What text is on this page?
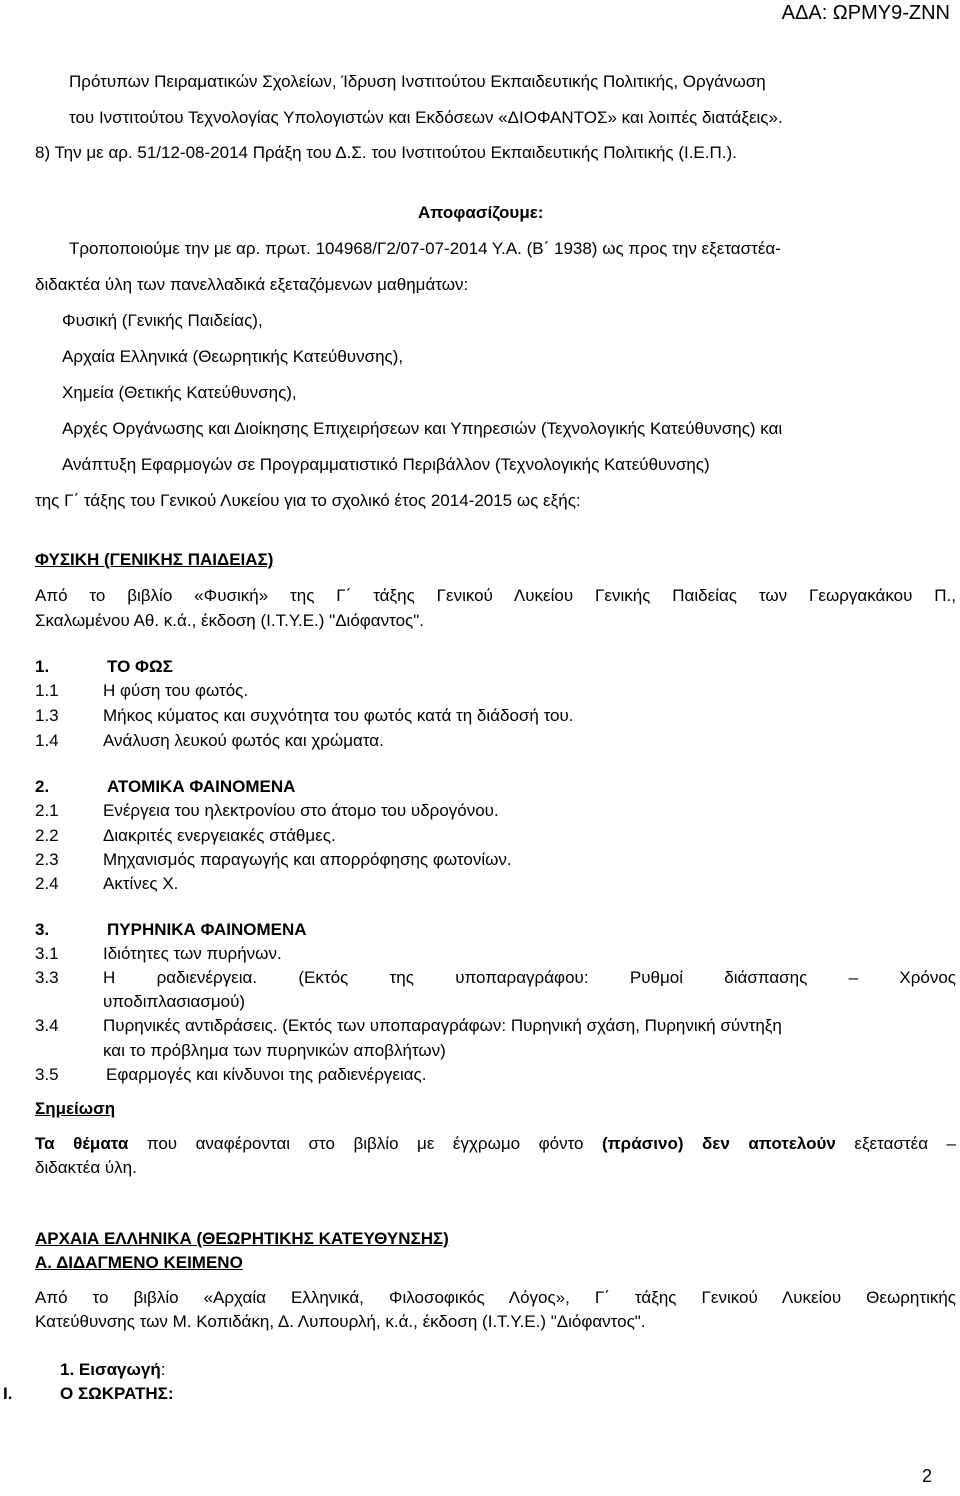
ΑΔΑ: ΩΡΜΥ9-ΖΝΝ
Πρότυπων Πειραματικών Σχολείων, Ίδρυση Ινστιτούτου Εκπαιδευτικής Πολιτικής, Οργάνωση
του Ινστιτούτου Τεχνολογίας Υπολογιστών και Εκδόσεων «ΔΙΟΦΑΝΤΟΣ» και λοιπές διατάξεις».
8) Την με αρ. 51/12-08-2014 Πράξη του Δ.Σ. του Ινστιτούτου Εκπαιδευτικής Πολιτικής (Ι.Ε.Π.).
Αποφασίζουμε:
Τροποποιούμε την με αρ. πρωτ. 104968/Γ2/07-07-2014 Υ.Α. (Β΄ 1938) ως προς την εξεταστέα-
διδακτέα ύλη των πανελλαδικά εξεταζόμενων μαθημάτων:
Φυσική (Γενικής Παιδείας),
Αρχαία Ελληνικά (Θεωρητικής Κατεύθυνσης),
Χημεία (Θετικής Κατεύθυνσης),
Αρχές Οργάνωσης και Διοίκησης Επιχειρήσεων και Υπηρεσιών (Τεχνολογικής Κατεύθυνσης) και
Ανάπτυξη Εφαρμογών σε Προγραμματιστικό Περιβάλλον (Τεχνολογικής Κατεύθυνσης)
της Γ΄ τάξης του Γενικού Λυκείου για το σχολικό έτος 2014-2015 ως εξής:
ΦΥΣΙΚΗ (ΓΕΝΙΚΗΣ ΠΑΙΔΕΙΑΣ)
Από το βιβλίο «Φυσική» της Γ΄ τάξης Γενικού Λυκείου Γενικής Παιδείας των Γεωργακάκου Π.,
Σκαλωμένου Αθ. κ.ά., έκδοση (Ι.Τ.Υ.Ε.) "Διόφαντος".
1.	ΤΟ ΦΩΣ
1.1	Η φύση του φωτός.
1.3	Μήκος κύματος και συχνότητα του φωτός κατά τη διάδοσή του.
1.4	Ανάλυση λευκού φωτός και χρώματα.
2.	ΑΤΟΜΙΚΑ ΦΑΙΝΟΜΕΝΑ
2.1	Ενέργεια του ηλεκτρονίου στο άτομο του υδρογόνου.
2.2	Διακριτές ενεργειακές στάθμες.
2.3	Μηχανισμός παραγωγής και απορρόφησης φωτονίων.
2.4	Ακτίνες Χ.
3.	ΠΥΡΗΝΙΚΑ ΦΑΙΝΟΜΕΝΑ
3.1	Ιδιότητες των πυρήνων.
3.3	Η ραδιενέργεια. (Εκτός της υποπαραγράφου: Ρυθμοί διάσπασης – Χρόνος
υποδιπλασιασμού)
3.4	Πυρηνικές αντιδράσεις. (Εκτός των υποπαραγράφων: Πυρηνική σχάση, Πυρηνική σύντηξη
και το πρόβλημα των πυρηνικών αποβλήτων)
3.5	Εφαρμογές και κίνδυνοι της ραδιενέργειας.
Σημείωση
Τα θέματα που αναφέρονται στο βιβλίο με έγχρωμο φόντο (πράσινο) δεν αποτελούν εξεταστέα –
διδακτέα ύλη.
ΑΡΧΑΙΑ ΕΛΛΗΝΙΚΑ (ΘΕΩΡΗΤΙΚΗΣ ΚΑΤΕΥΘΥΝΣΗΣ)
Α. ΔΙΔΑΓΜΕΝΟ ΚΕΙΜΕΝΟ
Από το βιβλίο «Αρχαία Ελληνικά, Φιλοσοφικός Λόγος», Γ΄ τάξης Γενικού Λυκείου Θεωρητικής
Κατεύθυνσης των Μ. Κοπιδάκη, Δ. Λυπουρλή, κ.ά., έκδοση (Ι.Τ.Υ.Ε.) "Διόφαντος".
1. Εισαγωγή:
Ι.	Ο ΣΩΚΡΑΤΗΣ:
2
